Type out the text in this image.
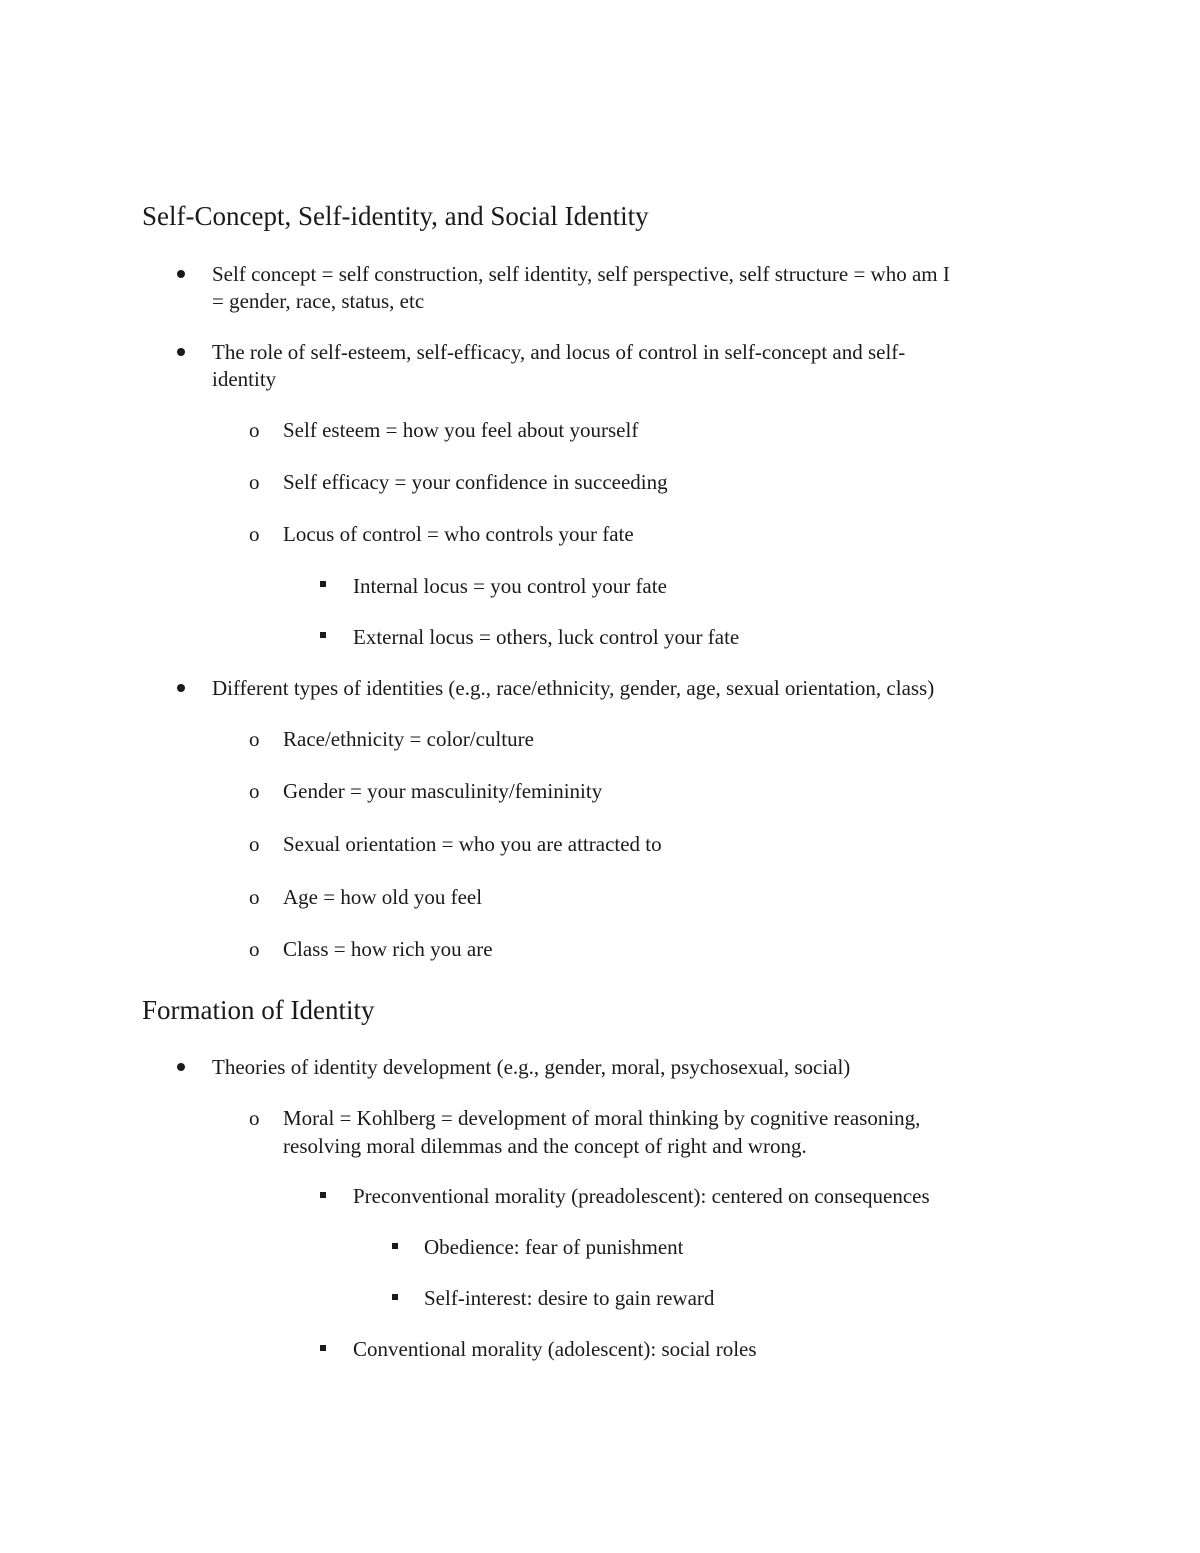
Self-Concept, Self-identity, and Social Identity
Self concept = self construction, self identity, self perspective, self structure = who am I
= gender, race, status, etc
The role of self-esteem, self-efficacy, and locus of control in self-concept and self-
identity
o Self esteem = how you feel about yourself
o Self efficacy = your confidence in succeeding
o Locus of control = who controls your fate
Internal locus = you control your fate
External locus = others, luck control your fate
Different types of identities (e.g., race/ethnicity, gender, age, sexual orientation, class)
o Race/ethnicity = color/culture
o Gender = your masculinity/femininity
o Sexual orientation = who you are attracted to
o Age = how old you feel
o Class = how rich you are
Formation of Identity
Theories of identity development (e.g., gender, moral, psychosexual, social)
o Moral = Kohlberg = development of moral thinking by cognitive reasoning,
resolving moral dilemmas and the concept of right and wrong.
Preconventional morality (preadolescent): centered on consequences
Obedience: fear of punishment
Self-interest: desire to gain reward
Conventional morality (adolescent): social roles
